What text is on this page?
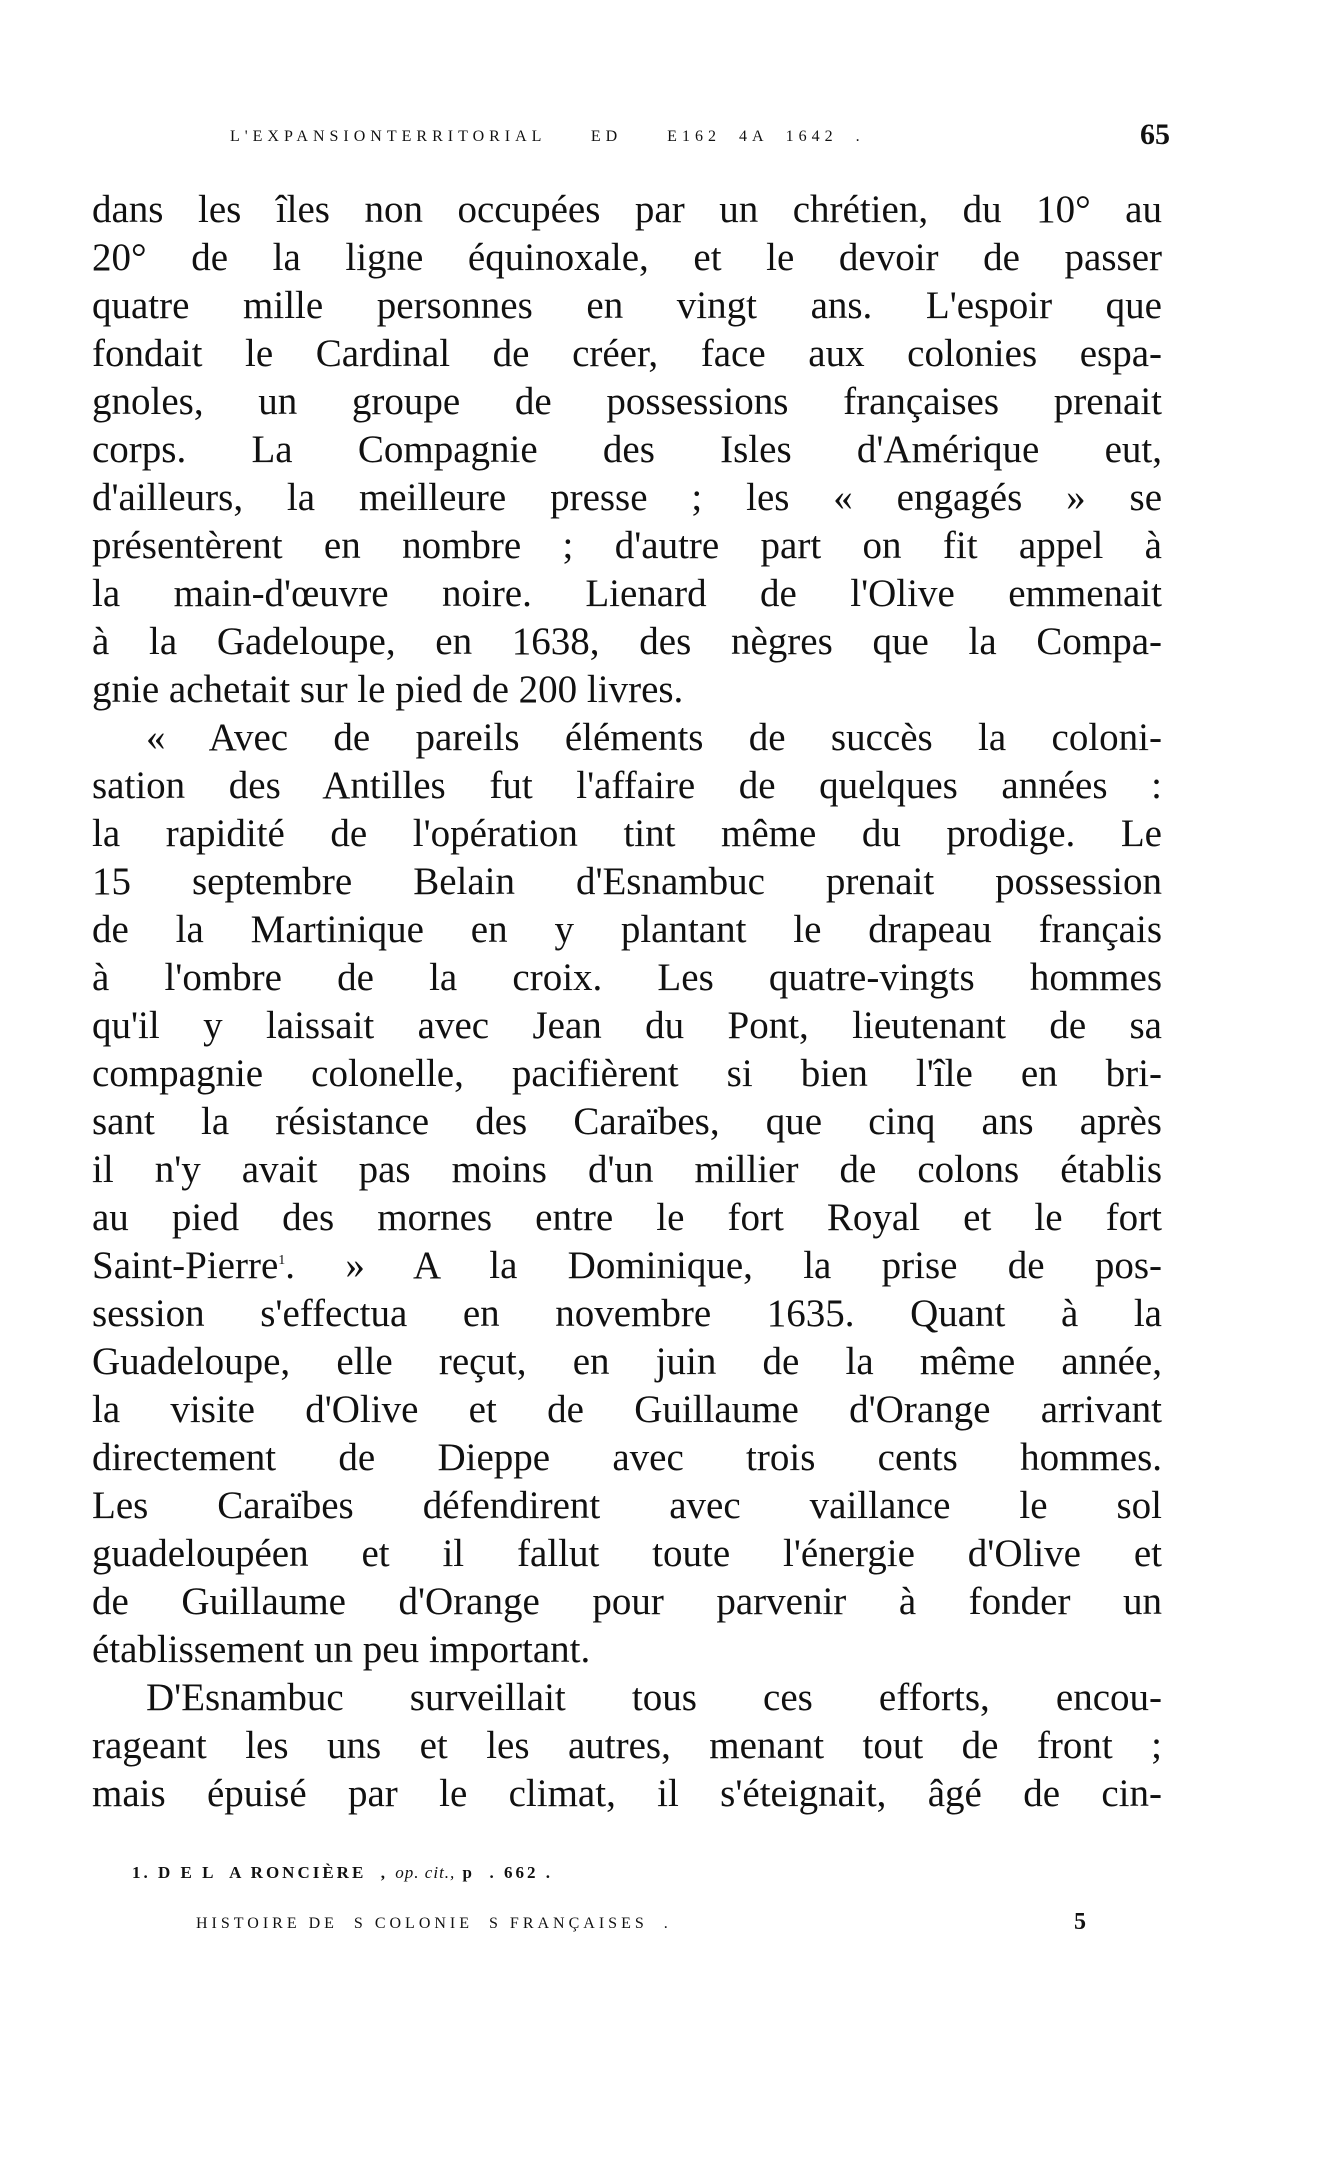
L'EXPANSIONTERRITORIAL     ED     E162  4A  1642  .	65
dans les îles non occupées par un chrétien, du 10° au
20° de la ligne équinoxale, et le devoir de passer
quatre mille personnes en vingt ans. L'espoir que
fondait le Cardinal de créer, face aux colonies espa-
gnoles, un groupe de possessions françaises prenait
corps. La Compagnie des Isles d'Amérique eut,
d'ailleurs, la meilleure presse ; les « engagés » se
présentèrent en nombre ; d'autre part on fit appel à
la main-d'œuvre noire. Lienard de l'Olive emmenait
à la Gadeloupe, en 1638, des nègres que la Compa-
gnie achetait sur le pied de 200 livres.
« Avec de pareils éléments de succès la coloni-
sation des Antilles fut l'affaire de quelques années :
la rapidité de l'opération tint même du prodige. Le
15 septembre Belain d'Esnambuc prenait possession
de la Martinique en y plantant le drapeau français
à l'ombre de la croix. Les quatre-vingts hommes
qu'il y laissait avec Jean du Pont, lieutenant de sa
compagnie colonelle, pacifièrent si bien l'île en bri-
sant la résistance des Caraïbes, que cinq ans après
il n'y avait pas moins d'un millier de colons établis
au pied des mornes entre le fort Royal et le fort
Saint-Pierre$^1$. » A la Dominique, la prise de pos-
session s'effectua en novembre 1635. Quant à la
Guadeloupe, elle reçut, en juin de la même année,
la visite d'Olive et de Guillaume d'Orange arrivant
directement de Dieppe avec trois cents hommes.
Les Caraïbes défendirent avec vaillance le sol
guadeloupéen et il fallut toute l'énergie d'Olive et
de Guillaume d'Orange pour parvenir à fonder un
établissement un peu important.
D'Esnambuc surveillait tous ces efforts, encou-
rageant les uns et les autres, menant tout de front ;
mais épuisé par le climat, il s'éteignait, âgé de cin-
1. D E L  A RONCIÈRE  , op. cit., p  . 662 .
HISTOIRE DE  S COLONIE  S FRANÇAISES  .	5
